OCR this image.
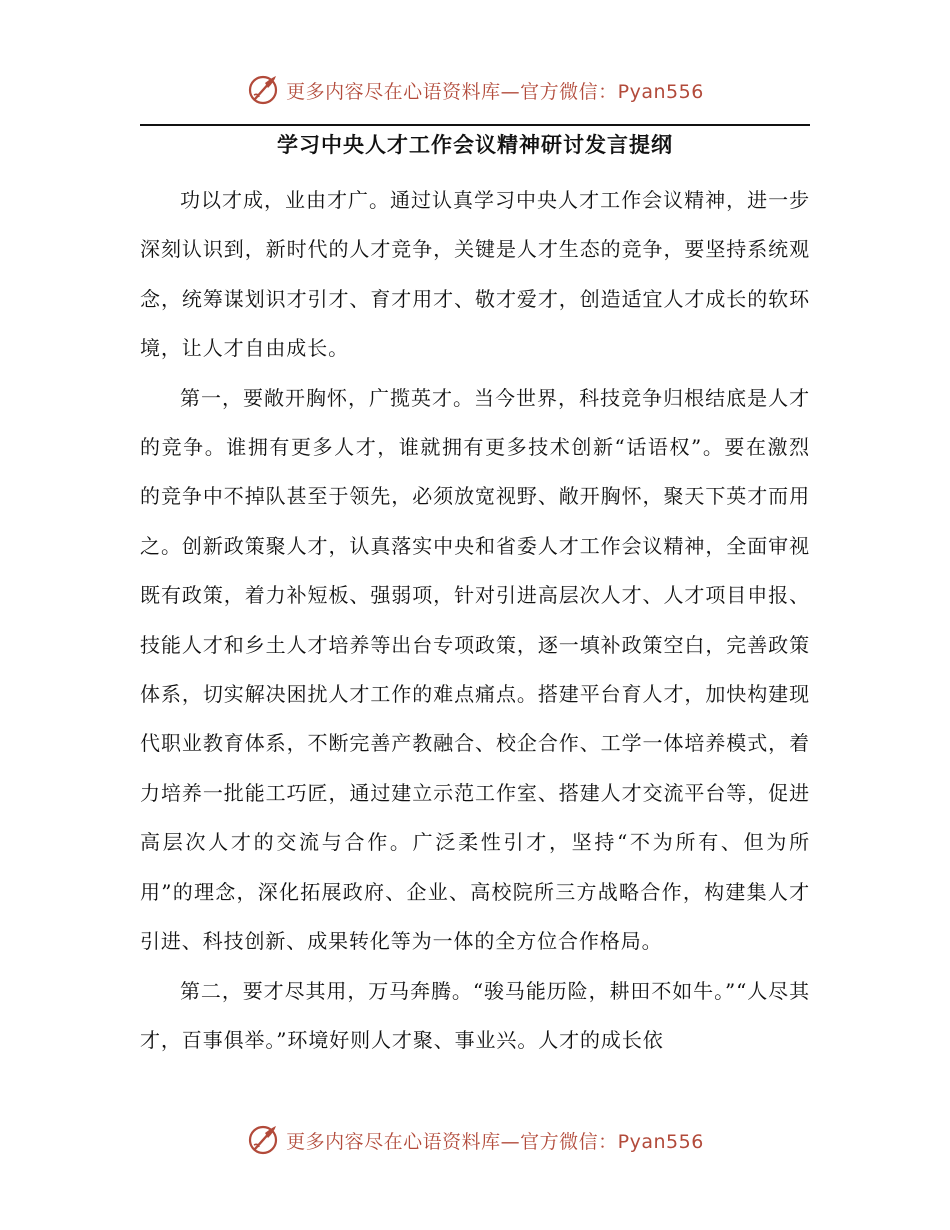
更多内容尽在心语资料库—官方微信：Pyan556
学习中央人才工作会议精神研讨发言提纲

功以才成，业由才广。通过认真学习中央人才工作会议精神，进一步深刻认识到，新时代的人才竞争，关键是人才生态的竞争，要坚持系统观念，统筹谋划识才引才、育才用才、敬才爱才，创造适宜人才成长的软环境，让人才自由成长。

第一，要敞开胸怀，广揽英才。当今世界，科技竞争归根结底是人才的竞争。谁拥有更多人才，谁就拥有更多技术创新“话语权”。要在激烈的竞争中不掉队甚至于领先，必须放宽视野、敞开胸怀，聚天下英才而用之。创新政策聚人才，认真落实中央和省委人才工作会议精神，全面审视既有政策，着力补短板、强弱项，针对引进高层次人才、人才项目申报、技能人才和乡土人才培养等出台专项政策，逐一填补政策空白，完善政策体系，切实解决困扰人才工作的难点痛点。搭建平台育人才，加快构建现代职业教育体系，不断完善产教融合、校企合作、工学一体培养模式，着力培养一批能工巧匠，通过建立示范工作室、搭建人才交流平台等，促进高层次人才的交流与合作。广泛柔性引才，坚持“不为所有、但为所用”的理念，深化拓展政府、企业、高校院所三方战略合作，构建集人才引进、科技创新、成果转化等为一体的全方位合作格局。

第二，要才尽其用，万马奔腾。“骏马能历险，耕田不如牛。”“人尽其才，百事俱举。”环境好则人才聚、事业兴。人才的成长依

更多内容尽在心语资料库—官方微信：Pyan556
